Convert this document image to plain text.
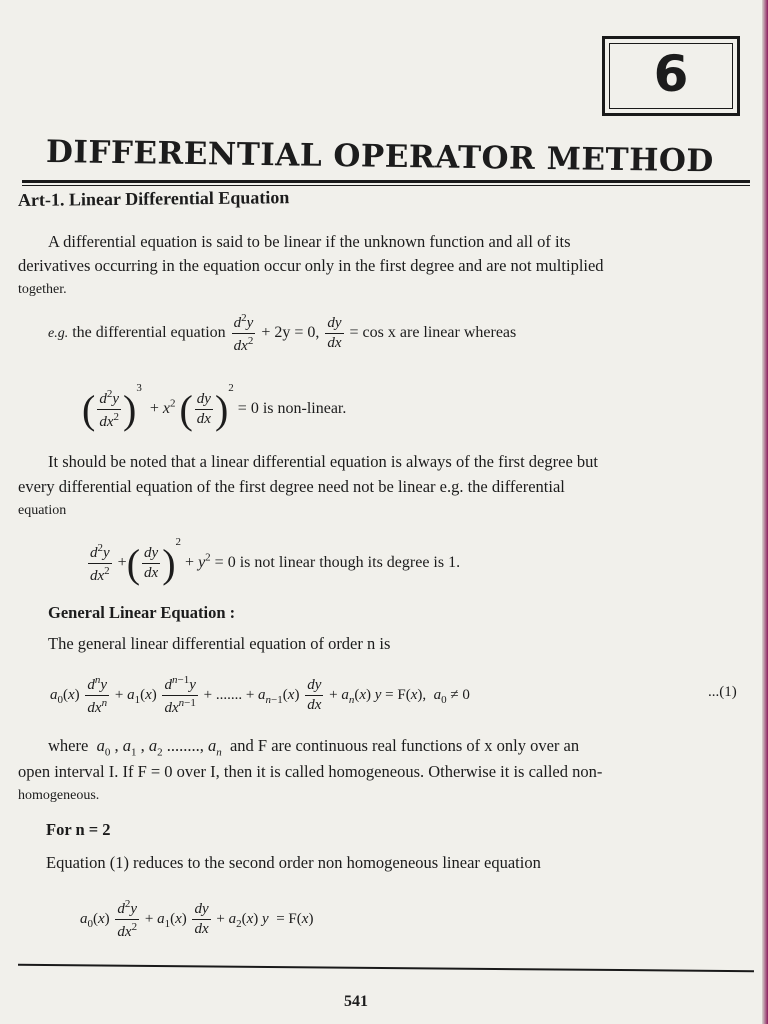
6
DIFFERENTIAL OPERATOR METHOD
Art-1. Linear Differential Equation
A differential equation is said to be linear if the unknown function and all of its
derivatives occurring in the equation occur only in the first degree and are not multiplied
together.
e.g. the differential equation $\frac{d^2y}{dx^2} + 2y = 0$, $\frac{dy}{dx} = \cos x$ are linear whereas
( $\frac{d^2y}{dx^2} )^3 + x^2$ ( $\frac{dy}{dx} )^2 = 0$ is non-linear.
It should be noted that a linear differential equation is always of the first degree but
every differential equation of the first degree need not be linear e.g. the differential
equation
$\frac{d^2y}{dx^2}$ +( $\frac{dy}{dx} )^2 + y^2 = 0$ is not linear though its degree is 1.
General Linear Equation :
The general linear differential equation of order n is
$a_0(x) \frac{d^ny}{dx^n} + a_1(x) \frac{d^{n-1}y}{dx^{n-1}}$ + ....... + $a_{n-1}(x) \frac{dy}{dx} + a_n(x) y = F(x)$,  $a_0 \ne 0$	...(1)
where  $a_0$ , $a_1$ , $a_2$ ........, $a_n$ and F are continuous real functions of x only over an
open interval I. If F = 0 over I, then it is called homogeneous. Otherwise it is called non-
homogeneous.
For n = 2
Equation (1) reduces to the second order non homogeneous linear equation
$a_0(x) \frac{d^2y}{dx^2} + a_1(x) \frac{dy}{dx} + a_2(x) y = F(x)$
541
